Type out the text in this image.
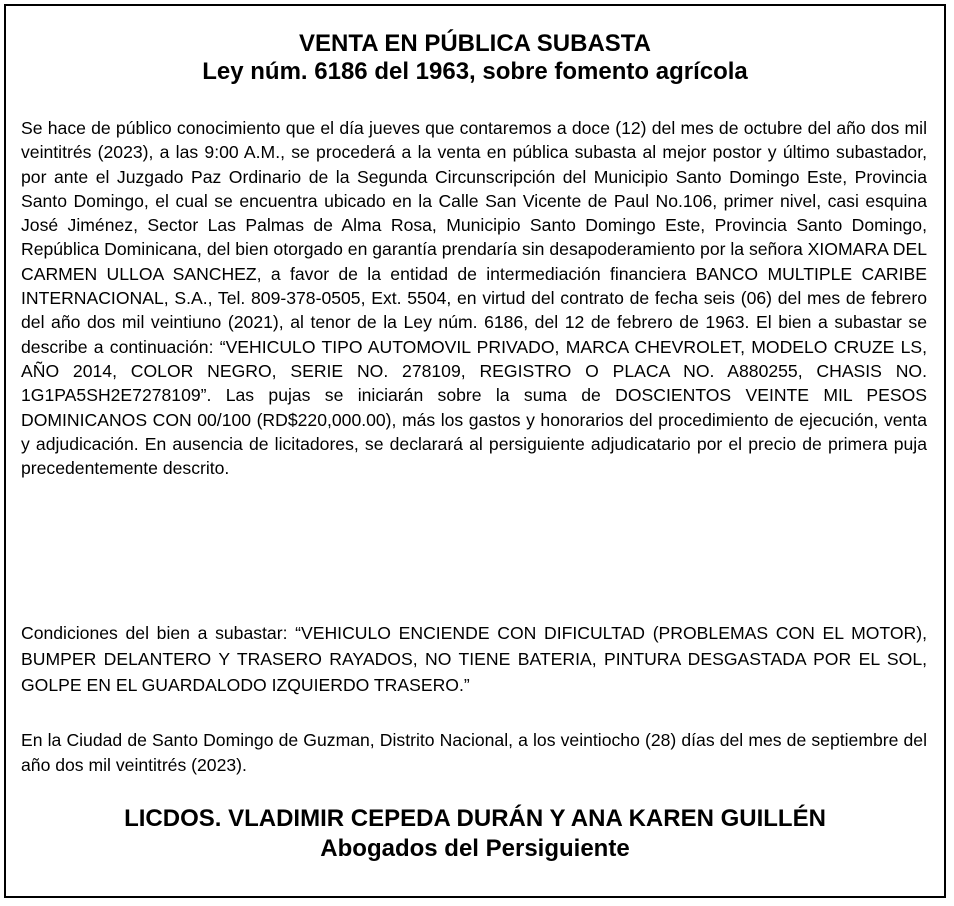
VENTA EN PÚBLICA SUBASTA
Ley núm. 6186 del 1963, sobre fomento agrícola

Se hace de público conocimiento que el día jueves que contaremos a doce (12) del mes de octubre del año dos mil veintitrés (2023), a las 9:00 A.M., se procederá a la venta en pública subasta al mejor postor y último subastador, por ante el Juzgado Paz Ordinario de la Segunda Circunscripción del Municipio Santo Domingo Este, Provincia Santo Domingo, el cual se encuentra ubicado en la Calle San Vicente de Paul No.106, primer nivel, casi esquina José Jiménez, Sector Las Palmas de Alma Rosa, Municipio Santo Domingo Este, Provincia Santo Domingo, República Dominicana, del bien otorgado en garantía prendaría sin desapoderamiento por la señora XIOMARA DEL CARMEN ULLOA SANCHEZ, a favor de la entidad de intermediación financiera BANCO MULTIPLE CARIBE INTERNACIONAL, S.A., Tel. 809-378-0505, Ext. 5504, en virtud del contrato de fecha seis (06) del mes de febrero del año dos mil veintiuno (2021), al tenor de la Ley núm. 6186, del 12 de febrero de 1963. El bien a subastar se describe a continuación: “VEHICULO TIPO AUTOMOVIL PRIVADO, MARCA CHEVROLET, MODELO CRUZE LS, AÑO 2014, COLOR NEGRO, SERIE NO. 278109, REGISTRO O PLACA NO. A880255, CHASIS NO. 1G1PA5SH2E7278109”. Las pujas se iniciarán sobre la suma de DOSCIENTOS VEINTE MIL PESOS DOMINICANOS CON 00/100 (RD$220,000.00), más los gastos y honorarios del procedimiento de ejecución, venta y adjudicación. En ausencia de licitadores, se declarará al persiguiente adjudicatario por el precio de primera puja precedentemente descrito.

Condiciones del bien a subastar: “VEHICULO ENCIENDE CON DIFICULTAD (PROBLEMAS CON EL MOTOR), BUMPER DELANTERO Y TRASERO RAYADOS, NO TIENE BATERIA, PINTURA DESGASTADA POR EL SOL, GOLPE EN EL GUARDALODO IZQUIERDO TRASERO.”

En la Ciudad de Santo Domingo de Guzman, Distrito Nacional, a los veintiocho (28) días del mes de septiembre del año dos mil veintitrés (2023).

LICDOS. VLADIMIR CEPEDA DURÁN Y ANA KAREN GUILLÉN

Abogados del Persiguiente
